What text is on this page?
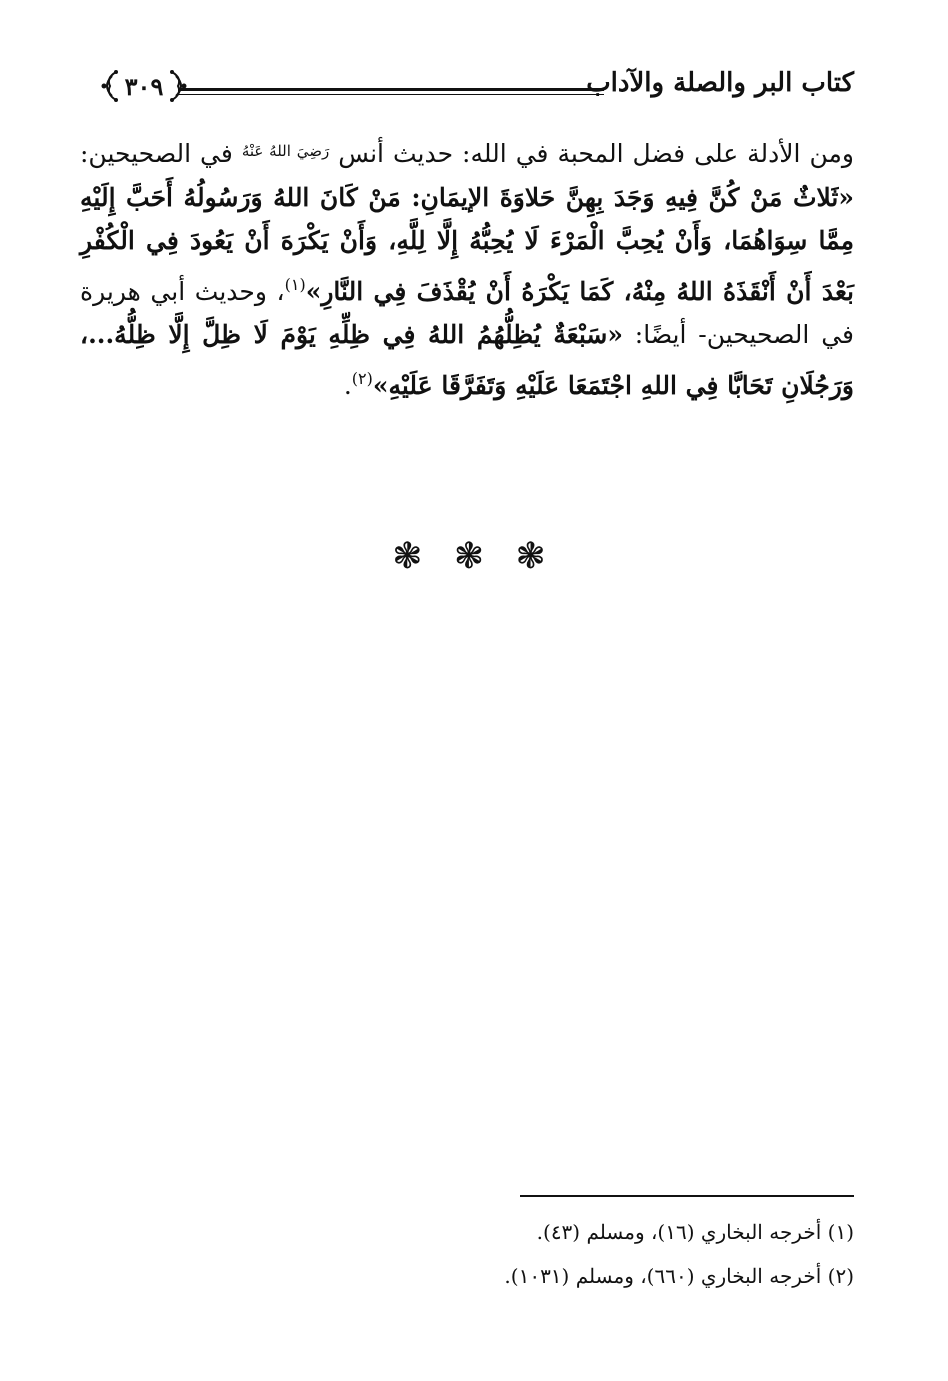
كتاب البر والصلة والآداب
٣٠٩

ومن الأدلة على فضل المحبة في الله: حديث أنس $^{رَضِيَ اللهُ عَنْهُ}$ في الصحيحين: «ثَلاثٌ مَنْ كُنَّ فِيهِ وَجَدَ بِهِنَّ حَلاوَةَ الإيمَانِ: مَنْ كَانَ اللهُ وَرَسُولُهُ أَحَبَّ إِلَيْهِ مِمَّا سِوَاهُمَا، وَأَنْ يُحِبَّ الْمَرْءَ لَا يُحِبُّهُ إِلَّا لِلَّهِ، وَأَنْ يَكْرَهَ أَنْ يَعُودَ فِي الْكُفْرِ بَعْدَ أَنْ أَنْقَذَهُ اللهُ مِنْهُ، كَمَا يَكْرَهُ أَنْ يُقْذَفَ فِي النَّارِ»$^{(١)}$، وحديث أبي هريرة في الصحيحين- أيضًا: «سَبْعَةٌ يُظِلُّهُمُ اللهُ فِي ظِلِّهِ يَوْمَ لَا ظِلَّ إِلَّا ظِلُّهُ...، وَرَجُلَانِ تَحَابَّا فِي اللهِ اجْتَمَعَا عَلَيْهِ وَتَفَرَّقَا عَلَيْهِ»$^{(٢)}$.

❃ ❃ ❃

(١) أخرجه البخاري (١٦)، ومسلم (٤٣).

(٢) أخرجه البخاري (٦٦٠)، ومسلم (١٠٣١).
